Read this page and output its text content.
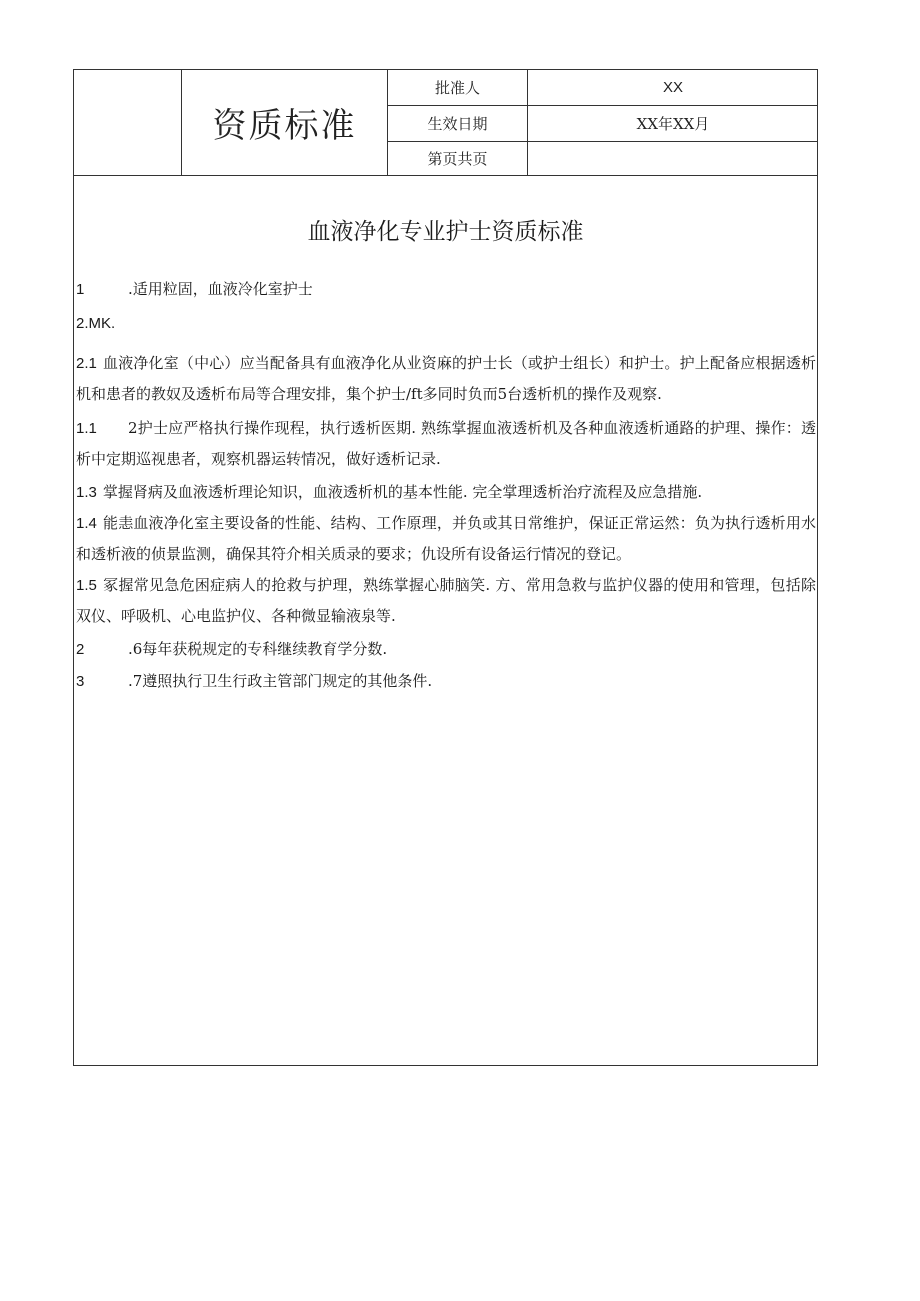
资质标准
批准人	XX
生效日期	XX年XX月
第页共页
血液净化专业护士资质标准
1	.适用粒固，血液冷化室护士
2.MK.
2.1 血液净化室（中心）应当配备具有血液净化从业资麻的护士长（或护士组长）和护士。护上配备应根据透析机和患者的教奴及透析布局等合理安排，集个护士/ft多同时负而5台透析机的操作及观察.
1.1 2护士应严格执行操作现程，执行透析医期. 熟练掌握血液透析机及各种血液透析通路的护理、操作：透析中定期巡视患者，观察机器运转情况，做好透析记录.
1.3 掌握肾病及血液透析理论知识，血液透析机的基本性能. 完全掌理透析治疗流程及应急措施.
1.4 能恚血液净化室主要设备的性能、结构、工作原理，并负或其日常维护，保证正常运然：负为执行透析用水和透析液的侦景监测，确保其符介相关质录的要求；仇设所有设备运行情况的登记。
1.5 冢握常见急危困症病人的抢救与护理，熟练掌握心肺脑笑. 方、常用急救与监护仪器的使用和管理，包括除双仪、呼吸机、心电监护仪、各种微显输液泉等.
2	.6每年获税规定的专科继续教育学分数.
3	.7遵照执行卫生行政主管部门规定的其他条件.
